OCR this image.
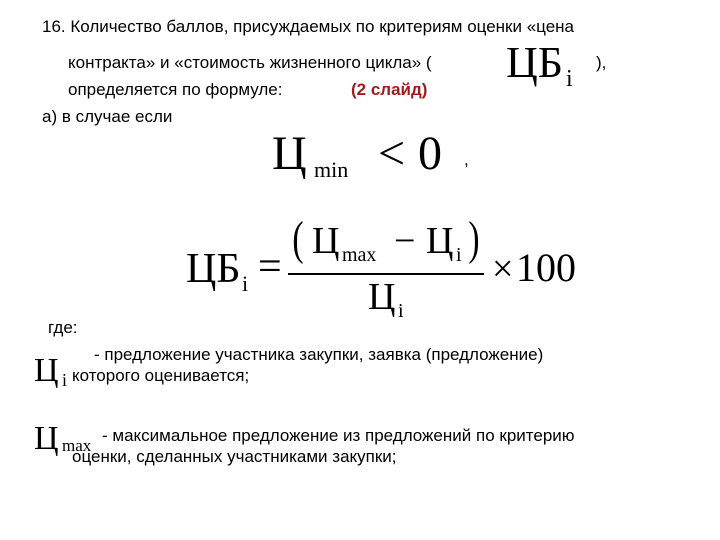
16. Количество баллов, присуждаемых по критериям оценки «цена
контракта» и «стоимость жизненного цикла» ( ЦБ i
),
определяется по формуле:	(2 слайд)
а) в случае если
Ц min < 0 ,
ЦБ i =
( Ц max − Ц i )
Ц i
× 100
где:
Ц i
- предложение участника закупки, заявка (предложение)
которого оценивается;
Ц max
- максимальное предложение из предложений по критерию
оценки, сделанных участниками закупки;
